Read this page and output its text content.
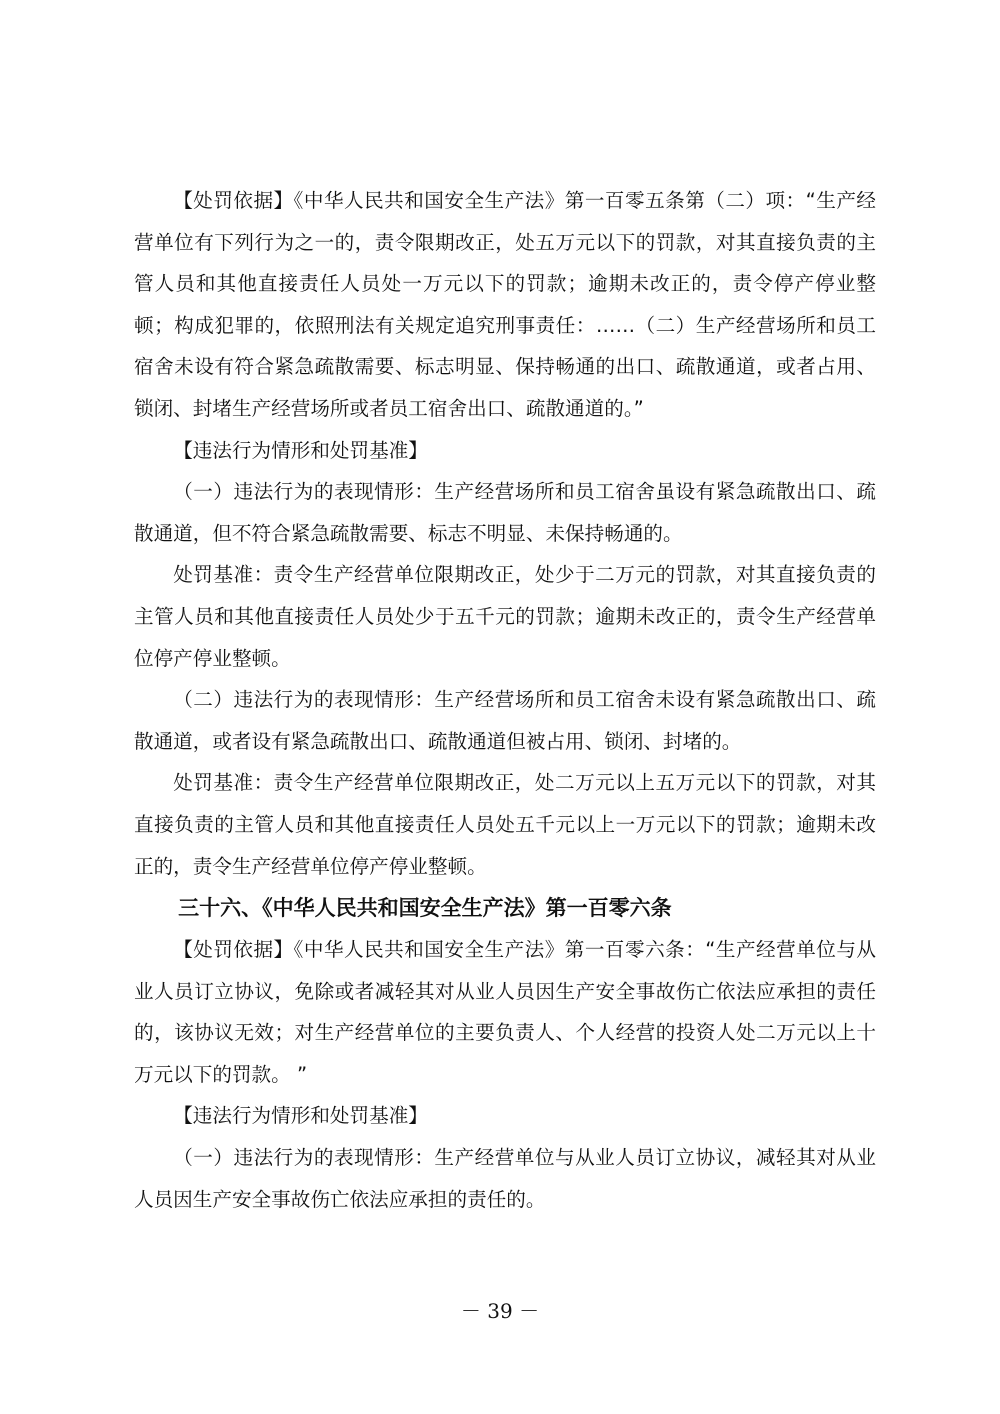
【处罚依据】《中华人民共和国安全生产法》第一百零五条第（二）项：“生产经营单位有下列行为之一的，责令限期改正，处五万元以下的罚款，对其直接负责的主管人员和其他直接责任人员处一万元以下的罚款；逾期未改正的，责令停产停业整顿；构成犯罪的，依照刑法有关规定追究刑事责任：……（二）生产经营场所和员工宿舍未设有符合紧急疏散需要、标志明显、保持畅通的出口、疏散通道，或者占用、锁闭、封堵生产经营场所或者员工宿舍出口、疏散通道的。”

【违法行为情形和处罚基准】

（一）违法行为的表现情形：生产经营场所和员工宿舍虽设有紧急疏散出口、疏散通道，但不符合紧急疏散需要、标志不明显、未保持畅通的。

处罚基准：责令生产经营单位限期改正，处少于二万元的罚款，对其直接负责的主管人员和其他直接责任人员处少于五千元的罚款；逾期未改正的，责令生产经营单位停产停业整顿。

（二）违法行为的表现情形：生产经营场所和员工宿舍未设有紧急疏散出口、疏散通道，或者设有紧急疏散出口、疏散通道但被占用、锁闭、封堵的。

处罚基准：责令生产经营单位限期改正，处二万元以上五万元以下的罚款，对其直接负责的主管人员和其他直接责任人员处五千元以上一万元以下的罚款；逾期未改正的，责令生产经营单位停产停业整顿。

三十六、《中华人民共和国安全生产法》第一百零六条

【处罚依据】《中华人民共和国安全生产法》第一百零六条：“生产经营单位与从业人员订立协议，免除或者减轻其对从业人员因生产安全事故伤亡依法应承担的责任的，该协议无效；对生产经营单位的主要负责人、个人经营的投资人处二万元以上十万元以下的罚款。 ”

【违法行为情形和处罚基准】

（一）违法行为的表现情形：生产经营单位与从业人员订立协议，减轻其对从业人员因生产安全事故伤亡依法应承担的责任的。

－ 39 －
